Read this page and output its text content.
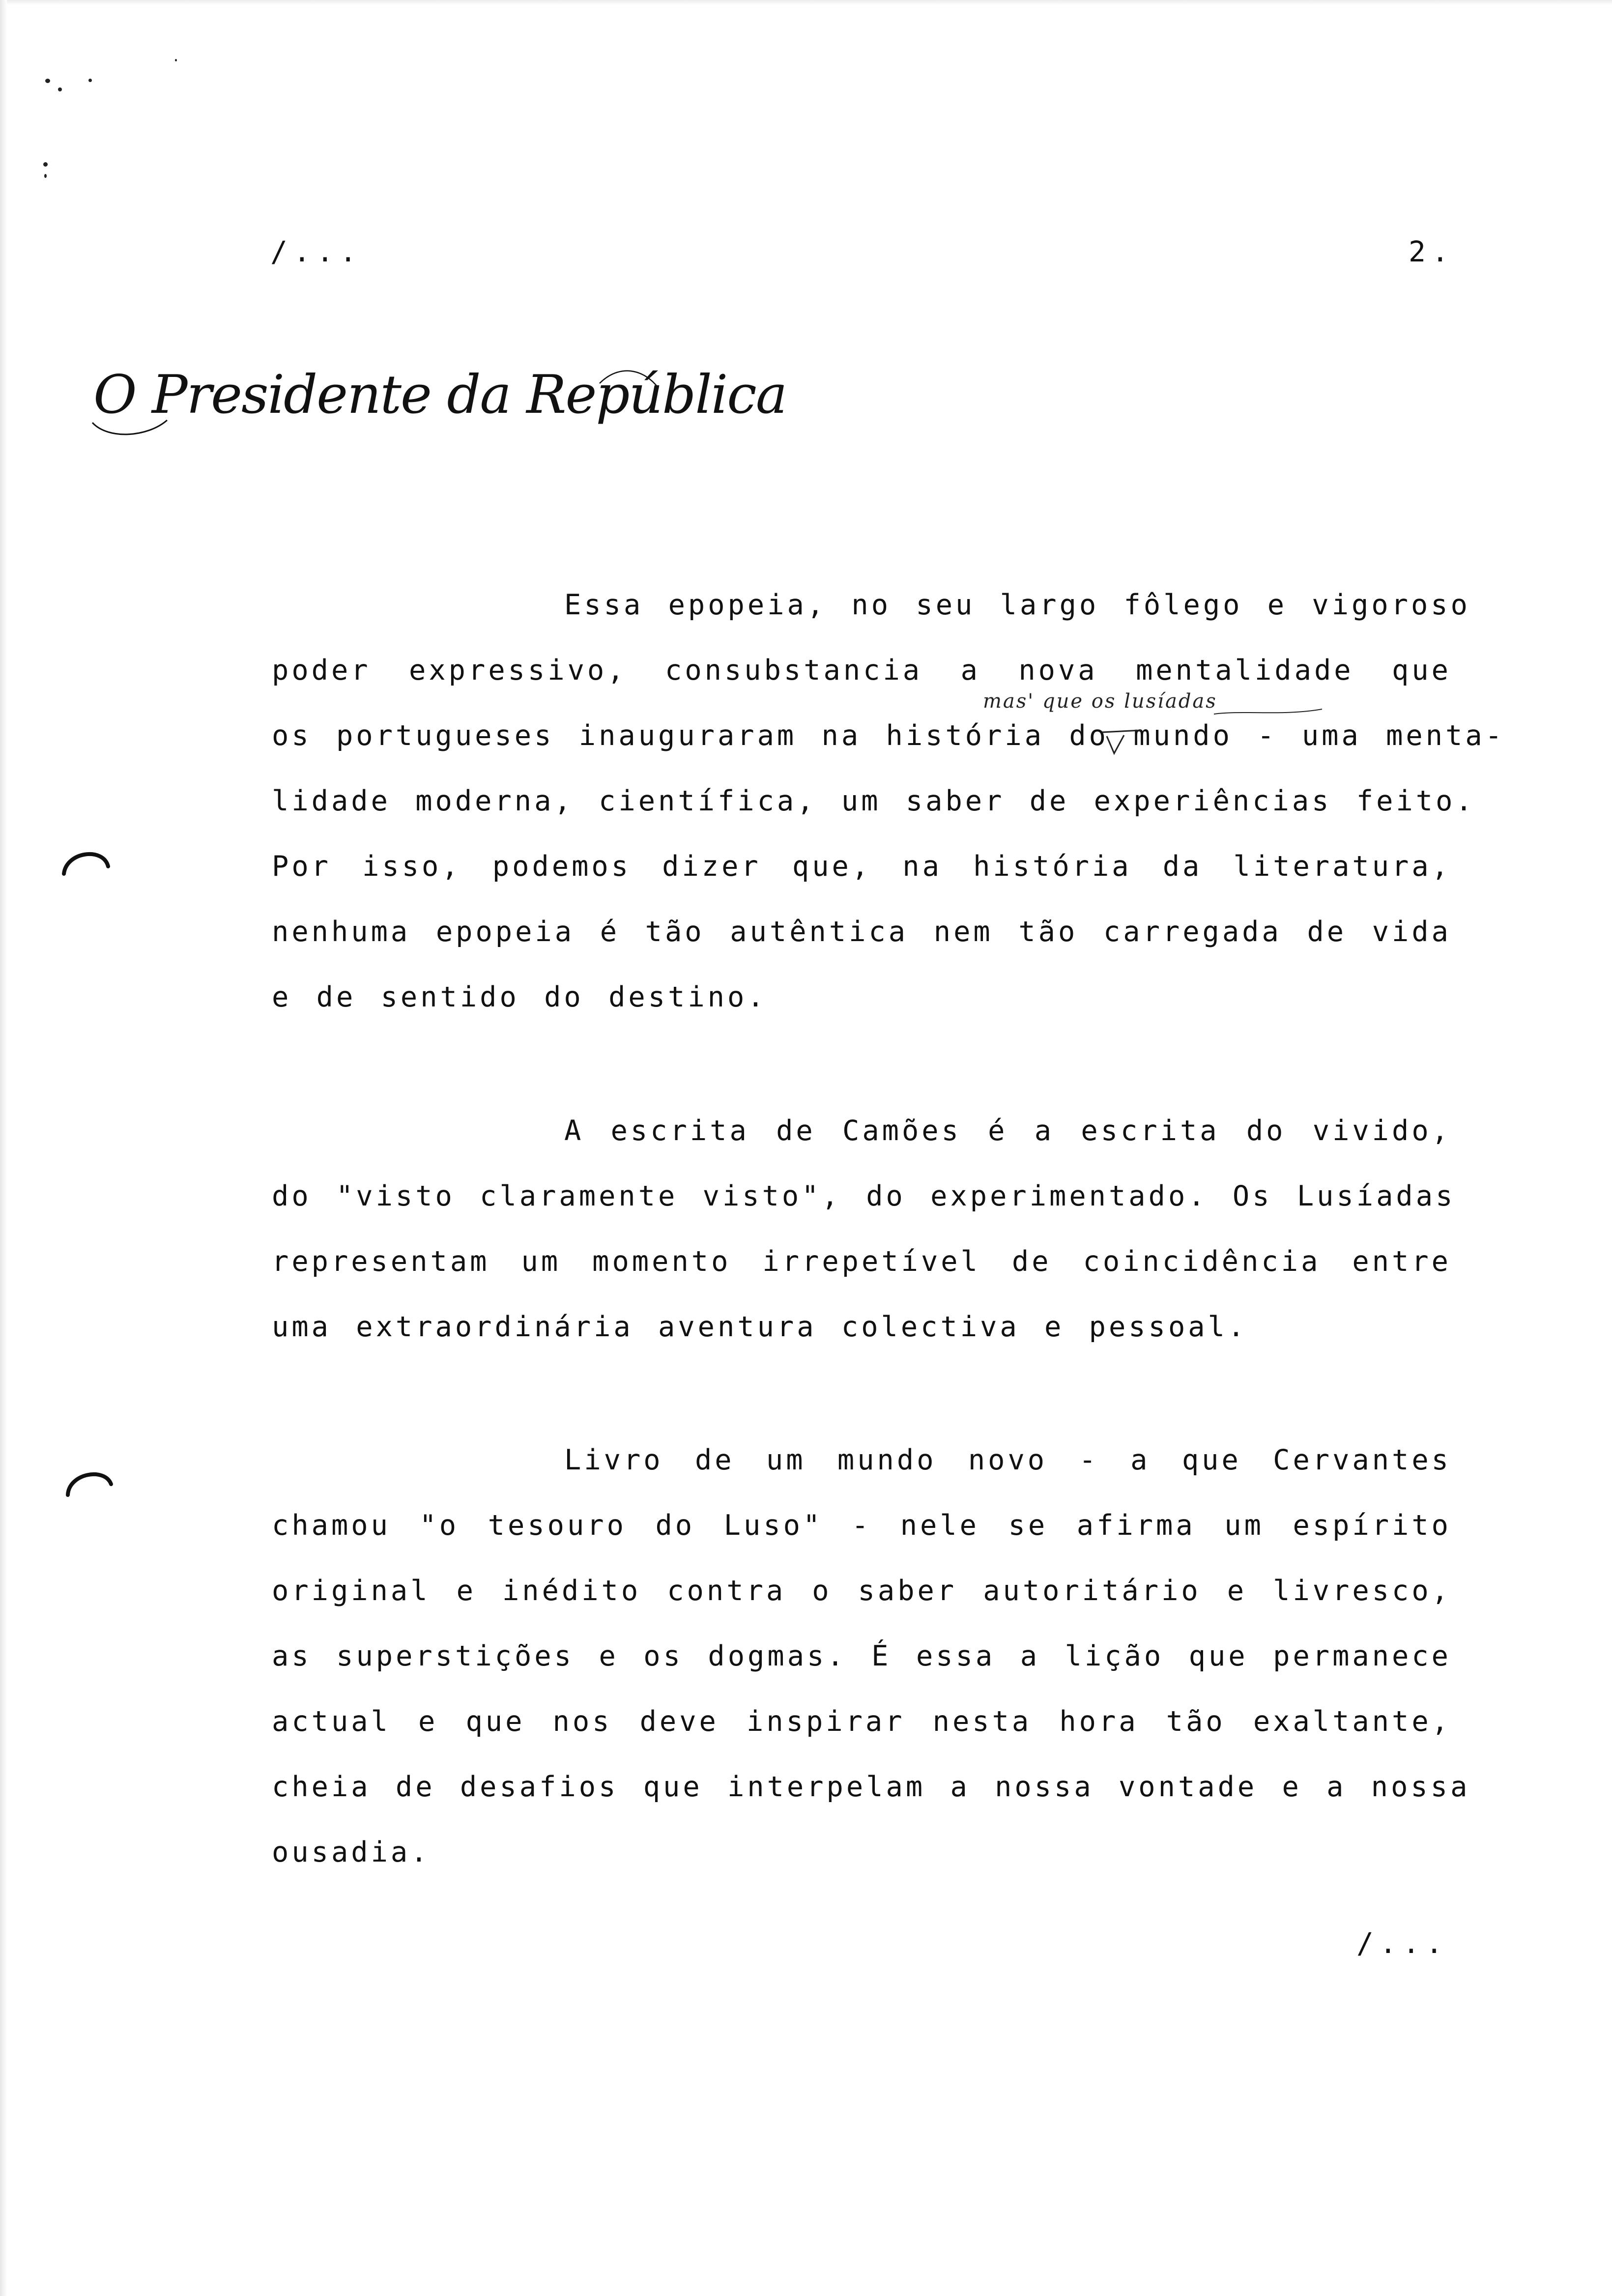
/...	2.
O Presidente da República
Essa epopeia, no seu largo fôlego e vigoroso
poder expressivo, consubstancia a nova mentalidade que
os portugueses inauguraram na história do mundo - uma menta-
lidade moderna, científica, um saber de experiências feito.
Por isso, podemos dizer que, na história da literatura,
nenhuma epopeia é tão autêntica nem tão carregada de vida
e de sentido do destino.
mas' que os lusíadas
A escrita de Camões é a escrita do vivido,
do "visto claramente visto", do experimentado. Os Lusíadas
representam um momento irrepetível de coincidência entre
uma extraordinária aventura colectiva e pessoal.
Livro de um mundo novo - a que Cervantes
chamou "o tesouro do Luso" - nele se afirma um espírito
original e inédito contra o saber autoritário e livresco,
as superstições e os dogmas. É essa a lição que permanece
actual e que nos deve inspirar nesta hora tão exaltante,
cheia de desafios que interpelam a nossa vontade e a nossa
ousadia.
/...
